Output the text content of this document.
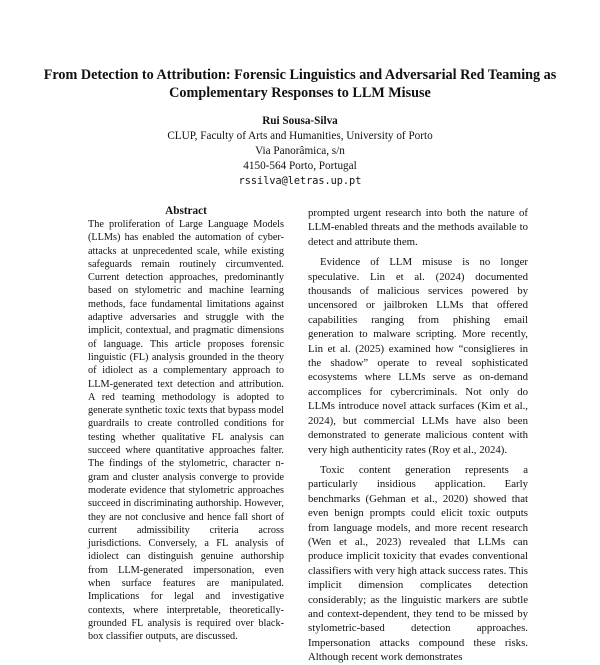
From Detection to Attribution: Forensic Linguistics and Adversarial Red Teaming as Complementary Responses to LLM Misuse
Rui Sousa-Silva
CLUP, Faculty of Arts and Humanities, University of Porto
Via Panorâmica, s/n
4150-564 Porto, Portugal
rssilva@letras.up.pt

Abstract

The proliferation of Large Language Models (LLMs) has enabled the automation of cyber-attacks at unprecedented scale, while existing safeguards remain routinely circumvented. Current detection approaches, predominantly based on stylometric and machine learning methods, face fundamental limitations against adaptive adversaries and struggle with the implicit, contextual, and pragmatic dimensions of language. This article proposes forensic linguistic (FL) analysis grounded in the theory of idiolect as a complementary approach to LLM-generated text detection and attribution. A red teaming methodology is adopted to generate synthetic toxic texts that bypass model guardrails to create controlled conditions for testing whether qualitative FL analysis can succeed where quantitative approaches falter. The findings of the stylometric, character n-gram and cluster analysis converge to provide moderate evidence that stylometric approaches succeed in discriminating authorship. However, they are not conclusive and hence fall short of current admissibility criteria across jurisdictions. Conversely, a FL analysis of idiolect can distinguish genuine authorship from LLM-generated impersonation, even when surface features are manipulated. Implications for legal and investigative contexts, where interpretable, theoretically-grounded FL analysis is required over black-box classifier outputs, are discussed.

prompted urgent research into both the nature of LLM-enabled threats and the methods available to detect and attribute them.

Evidence of LLM misuse is no longer speculative. Lin et al. (2024) documented thousands of malicious services powered by uncensored or jailbroken LLMs that offered capabilities ranging from phishing email generation to malware scripting. More recently, Lin et al. (2025) examined how “consiglieres in the shadow” operate to reveal sophisticated ecosystems where LLMs serve as on-demand accomplices for cybercriminals. Not only do LLMs introduce novel attack surfaces (Kim et al., 2024), but commercial LLMs have also been demonstrated to generate malicious content with very high authenticity rates (Roy et al., 2024).

Toxic content generation represents a particularly insidious application. Early benchmarks (Gehman et al., 2020) showed that even benign prompts could elicit toxic outputs from language models, and more recent research (Wen et al., 2023) revealed that LLMs can produce implicit toxicity that evades conventional classifiers with very high attack success rates. This implicit dimension complicates detection considerably; as the linguistic markers are subtle and context-dependent, they tend to be missed by stylometric-based detection approaches. Impersonation attacks compound these risks. Although recent work demonstrates
